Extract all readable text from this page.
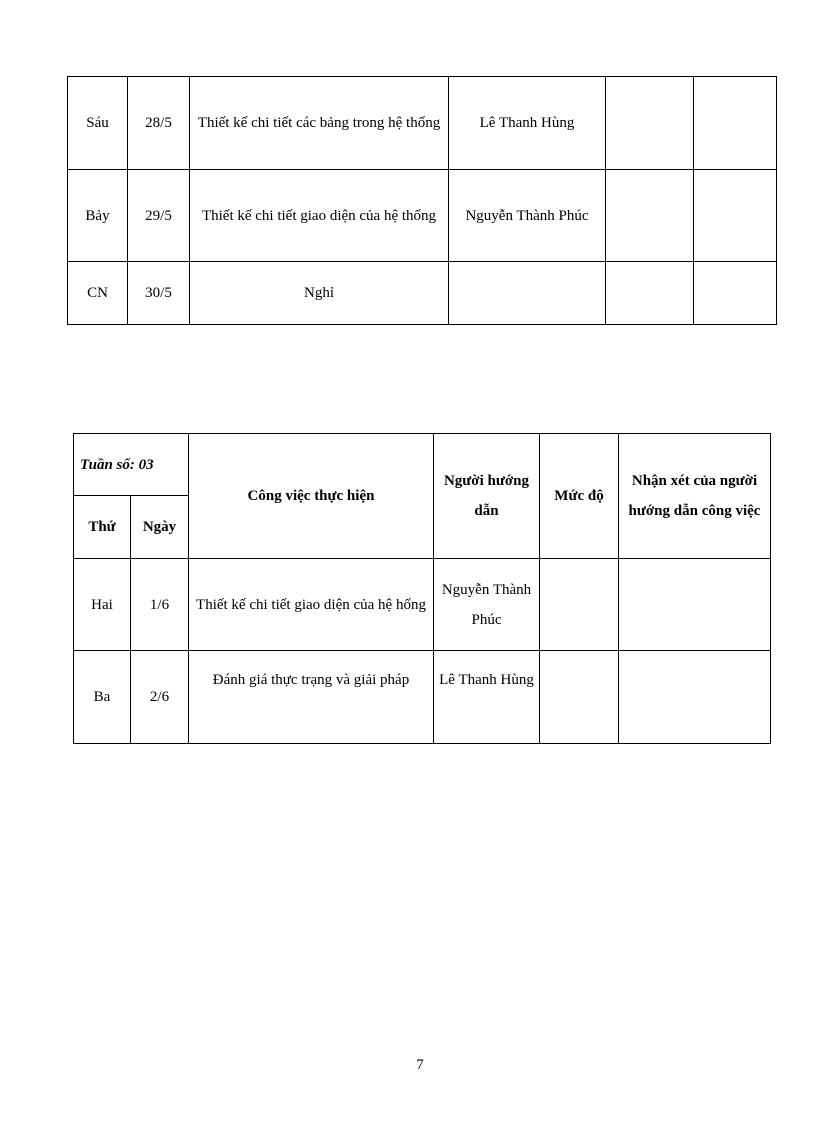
Sáu	28/5	Thiết kế chi tiết các bảng trong hệ thống	Lê Thanh Hùng		
Bảy	29/5	Thiết kế chi tiết giao diện của hệ thống	Nguyễn Thành Phúc		
CN	30/5	Nghỉ			
Tuần số: 03		Công việc thực hiện	Người hướng dẫn	Mức độ	Nhận xét của người hướng dẫn công việc
Thứ	Ngày				
Hai	1/6	Thiết kế chi tiết giao diện của hệ hống	Nguyễn Thành Phúc		
Ba	2/6	Đánh giá thực trạng và giải pháp	Lê Thanh Hùng		
7
